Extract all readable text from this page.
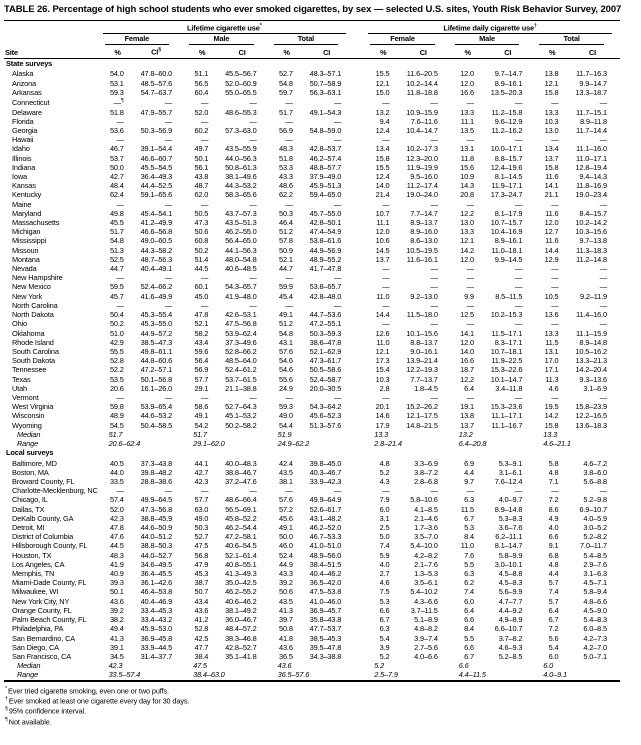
TABLE 26. Percentage of high school students who ever smoked cigarettes, by sex — selected U.S. sites, Youth Risk Behavior Survey, 2007

	Lifetime cigarette use*							Lifetime daily cigarette use†

	Female		Male		Total			Female		Male		Total	

Site	%	CI§	%	CI	%	CI		%	CI	%	CI	%	CI
State surveys													
Alaska	54.0	47.8–60.0	51.1	45.5–56.7	52.7	48.3–57.1		15.5	11.6–20.5	12.0	9.7–14.7	13.8	11.7–16.3
Arizona	53.1	48.5–57.6	56.5	52.0–60.9	54.8	50.7–58.9		12.1	10.2–14.4	12.0	8.9–16.1	12.1	9.9–14.7
Arkansas	59.3	54.7–63.7	60.4	55.0–65.5	59.7	56.3–63.1		15.0	11.8–18.8	16.6	13.5–20.3	15.8	13.3–18.7
Connecticut	—¶	—	—	—	—	—		—	—	—	—	—	—
Delaware	51.8	47.9–55.7	52.0	48.6–55.3	51.7	49.1–54.3		13.2	10.9–15.9	13.3	11.2–15.8	13.3	11.7–15.1
Florida	—	—	—	—	—	—		9.4	7.6–11.6	11.1	9.6–12.9	10.3	8.9–11.8
Georgia	53.6	50.3–56.9	60.2	57.3–63.0	56.9	54.8–59.0		12.4	10.4–14.7	13.5	11.2–16.2	13.0	11.7–14.4
Hawaii	—	—	—	—	—	—		—	—	—	—	—	—
Idaho	46.7	39.1–54.4	49.7	43.5–55.9	48.3	42.8–53.7		13.4	10.2–17.3	13.1	10.0–17.1	13.4	11.1–16.0
Illinois	53.7	46.6–60.7	50.1	44.0–56.3	51.8	46.2–57.4		15.8	12.3–20.0	11.8	8.8–15.7	13.7	11.0–17.1
Indiana	50.0	45.5–54.5	56.1	50.8–61.3	53.3	48.8–57.7		15.5	11.9–19.9	15.6	12.4–19.6	15.8	12.8–19.4
Iowa	42.7	36.4–49.3	43.8	38.1–49.6	43.3	37.9–49.0		12.4	9.5–16.0	10.9	8.1–14.5	11.6	9.4–14.3
Kansas	48.4	44.4–52.5	48.7	44.3–53.2	48.6	45.9–51.3		14.0	11.2–17.4	14.3	11.9–17.1	14.1	11.8–16.9
Kentucky	62.4	59.1–65.6	62.0	58.3–65.6	62.2	59.4–65.0		21.4	19.0–24.0	20.8	17.3–24.7	21.1	19.0–23.4
Maine	—	—	—	—	—	—		—	—	—	—	—	—
Maryland	49.8	45.4–54.1	50.5	43.7–57.3	50.3	45.7–55.0		10.7	7.7–14.7	12.2	8.1–17.9	11.6	8.4–15.7
Massachusetts	45.5	41.2–49.9	47.3	43.5–51.3	46.4	42.8–50.1		11.1	8.9–13.7	13.0	10.7–15.7	12.0	10.2–14.2
Michigan	51.7	46.6–56.8	50.6	46.2–55.0	51.2	47.4–54.9		12.0	8.9–16.0	13.3	10.4–16.9	12.7	10.3–15.6
Mississippi	54.8	49.0–60.5	60.8	56.4–65.0	57.8	53.8–61.6		10.6	8.6–13.0	12.1	8.9–16.1	11.6	9.7–13.8
Missouri	51.3	44.3–58.2	50.2	44.1–56.3	50.9	44.9–56.9		14.5	10.5–19.5	14.2	11.0–18.1	14.4	11.3–18.3
Montana	52.5	48.7–56.3	51.4	48.0–54.8	52.1	48.9–55.2		13.7	11.6–16.1	12.0	9.9–14.5	12.9	11.2–14.8
Nevada	44.7	40.4–49.1	44.5	40.6–48.5	44.7	41.7–47.8		—	—	—	—	—	—
New Hampshire	—	—	—	—	—	—		—	—	—	—	—	—
New Mexico	59.5	52.4–66.2	60.1	54.3–65.7	59.9	53.8–65.7		—	—	—	—	—	—
New York	45.7	41.6–49.9	45.0	41.9–48.0	45.4	42.8–48.0		11.0	9.2–13.0	9.9	8.5–11.5	10.5	9.2–11.9
North Carolina	—	—	—	—	—	—		—	—	—	—	—	—
North Dakota	50.4	45.3–55.4	47.8	42.6–53.1	49.1	44.7–53.6		14.4	11.5–18.0	12.5	10.2–15.3	13.6	11.4–16.0
Ohio	50.2	45.3–55.0	52.1	47.5–56.8	51.2	47.2–55.1		—	—	—	—	—	—
Oklahoma	51.0	44.9–57.2	58.2	53.9–62.4	54.8	50.3–59.3		12.6	10.1–15.6	14.1	11.5–17.1	13.3	11.1–15.9
Rhode Island	42.9	38.5–47.3	43.4	37.3–49.6	43.1	38.6–47.8		11.0	8.8–13.7	12.0	8.3–17.1	11.5	8.9–14.8
South Carolina	55.5	49.8–61.1	59.6	52.8–66.2	57.6	52.1–62.9		12.1	9.0–16.1	14.0	10.7–18.1	13.1	10.5–16.2
South Dakota	52.8	44.8–60.6	56.4	48.5–64.0	54.6	47.3–61.7		17.3	13.9–21.4	16.6	11.9–22.5	17.0	13.3–21.3
Tennessee	52.2	47.2–57.1	56.9	52.4–61.2	54.6	50.5–58.6		15.4	12.2–19.3	18.7	15.3–22.6	17.1	14.2–20.4
Texas	53.5	50.1–56.8	57.7	53.7–61.5	55.6	52.4–58.7		10.3	7.7–13.7	12.2	10.1–14.7	11.3	9.3–13.6
Utah	20.6	16.1–26.0	29.1	21.1–38.8	24.9	20.0–30.5		2.8	1.8–4.5	6.4	3.4–11.8	4.6	3.1–6.9
Vermont	—	—	—	—	—	—		—	—	—	—	—	—
West Virginia	59.8	53.9–65.4	58.6	52.7–64.3	59.3	54.3–64.2		20.1	15.2–26.2	19.1	15.3–23.6	19.5	15.8–23.9
Wisconsin	48.9	44.6–53.2	49.1	45.1–53.2	49.0	45.6–52.3		14.6	12.1–17.5	13.8	11.1–17.1	14.2	12.2–16.5
Wyoming	54.5	50.4–58.5	54.2	50.2–58.2	54.4	51.3–57.6		17.9	14.8–21.5	13.7	11.1–16.7	15.8	13.6–18.3
Median	51.7		51.7		51.9			13.3		13.2		13.3	
Range	20.6–62.4		29.1–62.0		24.9–62.2			2.8–21.4		6.4–20.8		4.6–21.1	
Local surveys													
Baltimore, MD	40.5	37.3–43.8	44.1	40.0–48.3	42.4	39.8–45.0		4.8	3.3–6.9	6.9	5.3–9.1	5.8	4.6–7.2
Boston, MA	44.0	39.8–48.2	42.7	38.8–46.7	43.5	40.3–46.7		5.2	3.8–7.2	4.4	3.1–6.1	4.8	3.8–6.0
Broward County, FL	33.5	28.8–38.6	42.3	37.2–47.6	38.1	33.9–42.3		4.3	2.8–6.8	9.7	7.6–12.4	7.1	5.6–8.8
Charlotte-Mecklenburg, NC	—	—	—	—	—	—		—	—	—	—	—	—
Chicago, IL	57.4	49.9–64.5	57.7	48.6–66.4	57.6	49.9–64.9		7.9	5.8–10.6	6.3	4.0–9.7	7.2	5.2–9.8
Dallas, TX	52.0	47.3–56.8	63.0	56.5–69.1	57.2	52.6–61.7		6.0	4.1–8.5	11.5	8.9–14.8	8.6	6.9–10.7
DeKalb County, GA	42.3	38.8–45.9	49.0	45.8–52.2	45.6	43.1–48.2		3.1	2.1–4.6	6.7	5.3–8.3	4.9	4.0–5.9
Detroit, MI	47.8	44.6–50.9	50.3	46.2–54.4	49.1	46.2–52.0		2.5	1.7–3.6	5.3	3.6–7.6	4.0	3.0–5.2
District of Columbia	47.6	44.0–51.2	52.7	47.2–58.1	50.0	46.7–53.3		5.0	3.5–7.0	8.4	6.2–11.1	6.6	5.2–8.2
Hillsborough County, FL	44.5	38.8–50.3	47.5	40.6–54.5	46.0	41.0–51.0		7.4	5.4–10.0	11.0	8.1–14.7	9.1	7.0–11.7
Houston, TX	48.3	44.0–52.7	56.8	52.1–61.4	52.4	48.9–56.0		5.9	4.2–8.2	7.6	5.8–9.9	6.8	5.4–8.5
Los Angeles, CA	41.9	34.6–49.5	47.9	40.8–55.1	44.9	38.4–51.5		4.0	2.1–7.6	5.5	3.0–10.1	4.8	2.9–7.6
Memphis, TN	40.9	36.4–45.5	45.3	41.3–49.3	43.3	40.4–46.2		2.7	1.3–5.3	6.3	4.5–8.8	4.4	3.1–6.3
Miami-Dade County, FL	39.3	36.1–42.6	38.7	35.0–42.5	39.2	36.5–42.0		4.6	3.5–6.1	6.2	4.5–8.3	5.7	4.5–7.1
Milwaukee, WI	50.1	46.4–53.8	50.7	46.2–55.2	50.6	47.5–53.8		7.5	5.4–10.2	7.4	5.6–9.9	7.4	5.8–9.4
New York City, NY	43.6	40.4–46.9	43.4	40.6–46.2	43.5	41.0–46.0		5.3	4.3–6.6	6.0	4.7–7.7	5.7	4.8–6.6
Orange County, FL	39.2	33.4–45.3	43.6	38.1–49.2	41.3	36.9–45.7		6.6	3.7–11.5	6.4	4.4–9.2	6.4	4.5–9.0
Palm Beach County, FL	38.2	33.4–43.2	41.2	36.0–46.7	39.7	35.8–43.8		6.7	5.1–8.9	6.6	4.9–8.9	6.7	5.4–8.3
Philadelphia, PA	49.4	45.9–53.0	52.8	48.4–57.2	50.8	47.7–53.7		6.3	4.8–8.2	8.4	6.6–10.7	7.2	6.0–8.5
San Bernardino, CA	41.3	36.9–45.8	42.5	38.3–46.8	41.8	38.5–45.3		5.4	3.9–7.4	5.5	3.7–8.2	5.6	4.2–7.3
San Diego, CA	39.1	33.9–44.5	47.7	42.8–52.7	43.6	39.5–47.8		3.9	2.7–5.6	6.6	4.6–9.3	5.4	4.2–7.0
San Francisco, CA	34.5	31.4–37.7	38.4	35.1–41.8	36.5	34.3–38.8		5.2	4.0–6.6	6.7	5.2–8.5	6.0	5.0–7.1
Median	42.3		47.5		43.6			5.2		6.6		6.0	
Range	33.5–57.4		38.4–63.0		36.5–57.6			2.5–7.9		4.4–11.5		4.0–9.1	
*Ever tried cigarette smoking, even one or two puffs.
†Ever smoked at least one cigarette every day for 30 days.
§95% confidence interval.
¶Not available.
